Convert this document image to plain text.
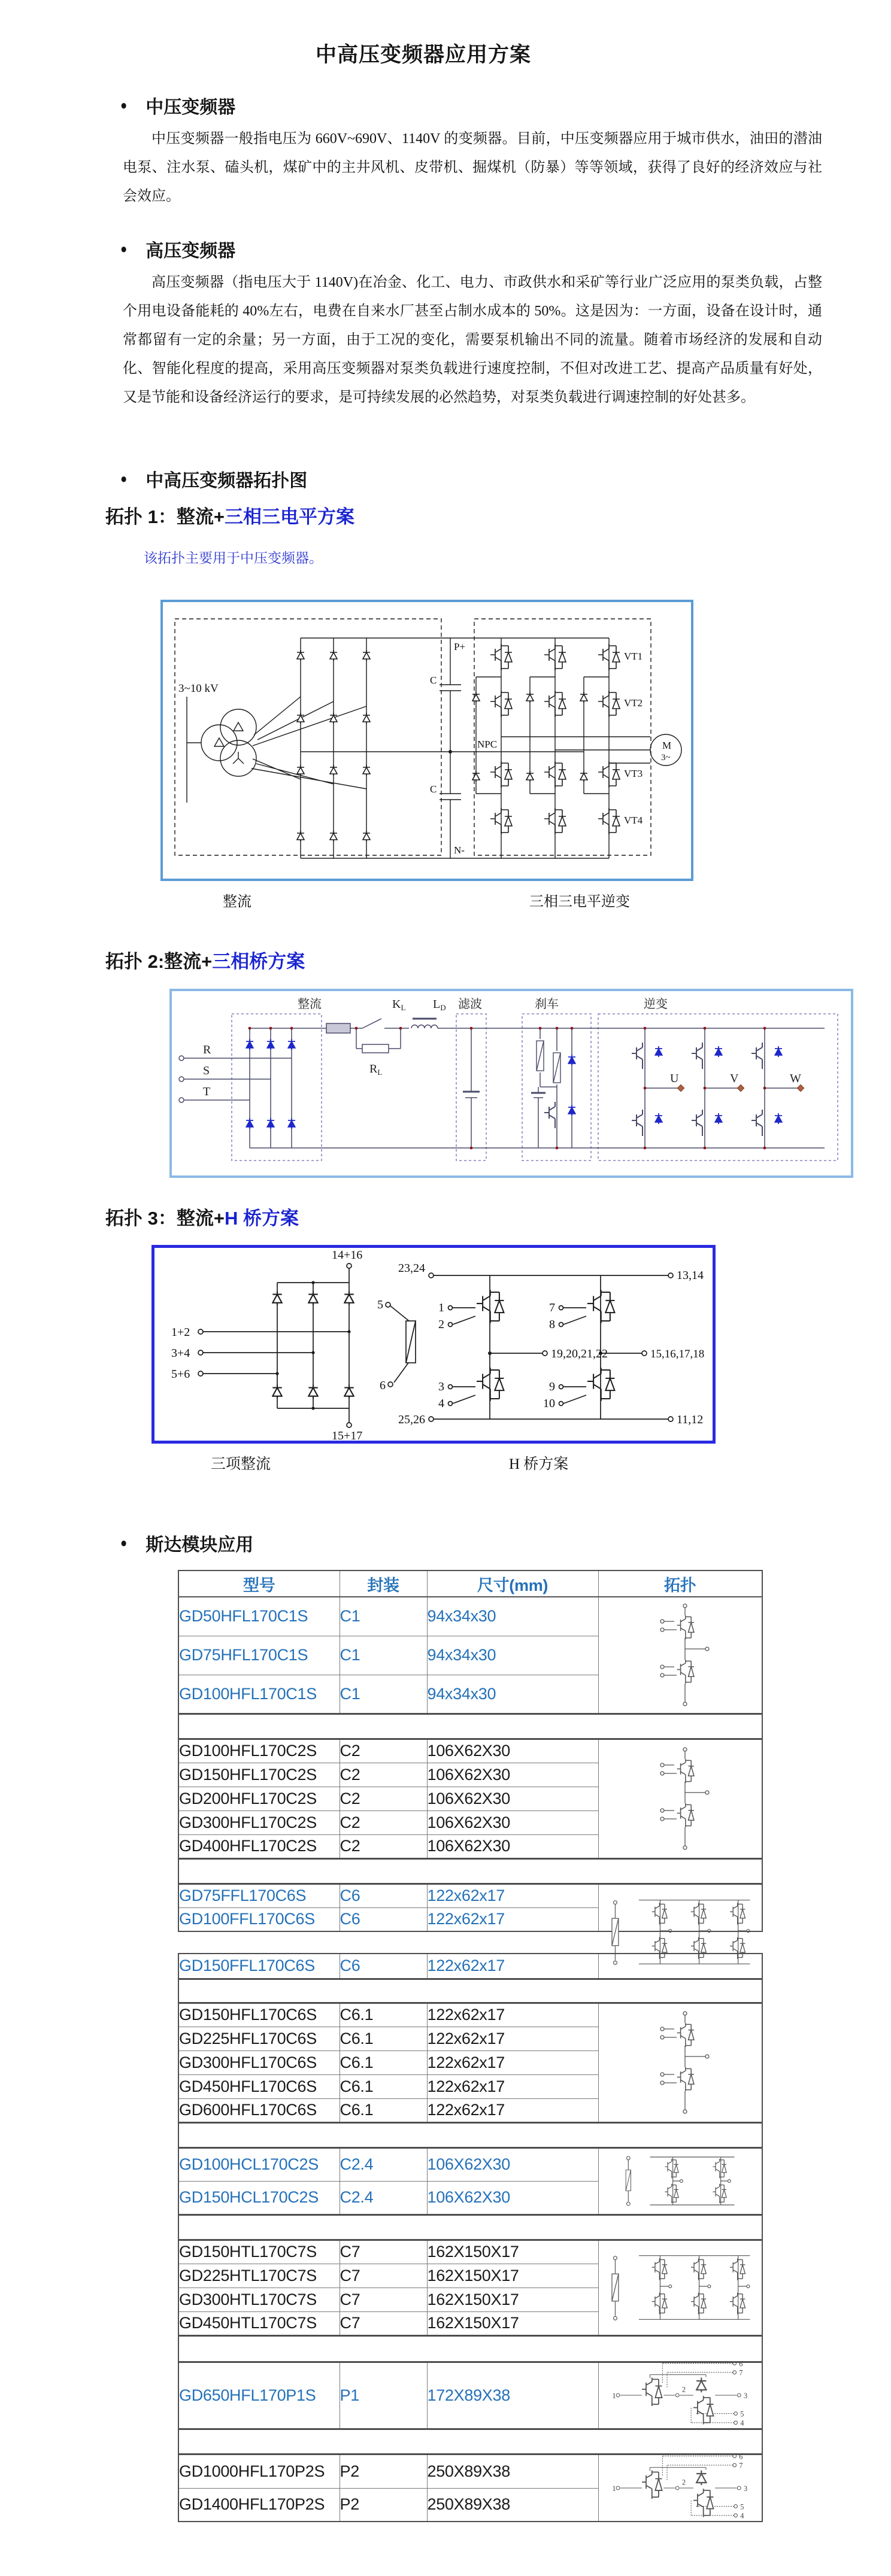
中高压变频器应用方案
● 中压变频器
中压变频器一般指电压为 660V~690V、1140V 的变频器。目前，中压变频器应用于城市供水，油田的潜油电泵、注水泵、磕头机，煤矿中的主井风机、皮带机、掘煤机（防暴）等等领域，获得了良好的经济效应与社会效应。
● 高压变频器
高压变频器（指电压大于 1140V)在冶金、化工、电力、市政供水和采矿等行业广泛应用的泵类负载，占整个用电设备能耗的 40%左右，电费在自来水厂甚至占制水成本的 50%。这是因为：一方面，设备在设计时，通常都留有一定的余量；另一方面，由于工况的变化，需要泵机输出不同的流量。随着市场经济的发展和自动化、智能化程度的提高，采用高压变频器对泵类负载进行速度控制，不但对改进工艺、提高产品质量有好处，又是节能和设备经济运行的要求，是可持续发展的必然趋势，对泵类负载进行调速控制的好处甚多。
● 中高压变频器拓扑图
拓扑 1：整流+三相三电平方案
该拓扑主要用于中压变频器。
3~10 kV
P+
C
C
NPC
N-
VT1
VT2
VT3
VT4
M
3~
整流	三相三电平逆变
拓扑 2:整流+三相桥方案
整流	$K_L$ $L_D$ 滤波	刹车	逆变
$R_L$
R
S
T
U	V	W
拓扑 3：整流+H 桥方案
14+16
15+17
1+2
3+4
5+6
5
6
23,24
13,14
25,26	11,12
19,20,21,22	15,16,17,18
1
2
3
4
7
8
9
10
三项整流	H 桥方案
● 斯达模块应用
型号	封装	尺寸(mm)	拓扑
GD50HFL170C1S	C1	94x34x30	

GD75HFL170C1S	C1	94x34x30	
GD100HFL170C1S	C1	94x34x30	

GD100HFL170C2S	C2	106X62X30	

GD150HFL170C2S	C2	106X62X30	
GD200HFL170C2S	C2	106X62X30	
GD300HFL170C2S	C2	106X62X30	
GD400HFL170C2S	C2	106X62X30	

GD75FFL170C6S	C6	122x62x17	

GD100FFL170C6S	C6	122x62x17	
GD150FFL170C6S	C6	122x62x17	

GD150HFL170C6S	C6.1	122x62x17	

GD225HFL170C6S	C6.1	122x62x17	
GD300HFL170C6S	C6.1	122x62x17	
GD450HFL170C6S	C6.1	122x62x17	
GD600HFL170C6S	C6.1	122x62x17	

GD100HCL170C2S	C2.4	106X62X30	

GD150HCL170C2S	C2.4	106X62X30	

GD150HTL170C7S	C7	162X150X17	

GD225HTL170C7S	C7	162X150X17	
GD300HTL170C7S	C7	162X150X17	
GD450HTL170C7S	C7	162X150X17	

GD650HFL170P1S	P1	172X89X38	1
2
3
4
5
6
7

GD1000HFL170P2S	P2	250X89X38	
1
2
3
4
5
6
7

GD1400HFL170P2S	P2	250X89X38	
